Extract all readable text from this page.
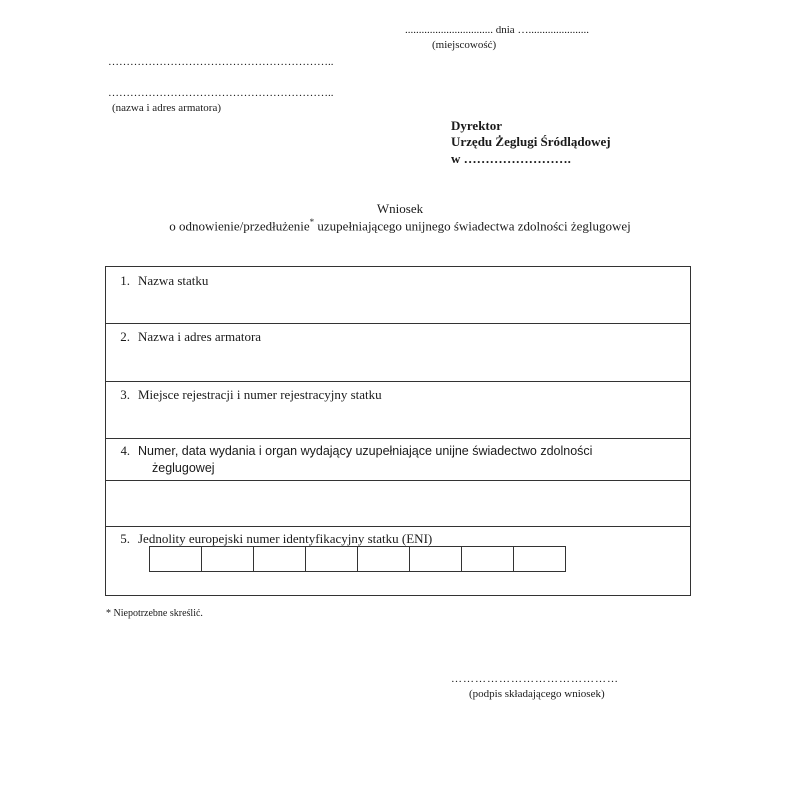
................................ dnia …......................
(miejscowość)
……………………………………………………..
……………………………………………………..
(nazwa i adres armatora)
Dyrektor
Urzędu Żeglugi Śródlądowej
w …………………….
Wniosek
o odnowienie/przedłużenie* uzupełniającego unijnego świadectwa zdolności żeglugowej
1. Nazwa statku
2. Nazwa i adres armatora
3. Miejsce rejestracji i numer rejestracyjny statku
4. Numer, data wydania i organ wydający uzupełniające unijne świadectwo zdolności
żeglugowej
5. Jednolity europejski numer identyfikacyjny statku (ENI)
* Niepotrzebne skreślić.
……………………………………
(podpis składającego wniosek)
